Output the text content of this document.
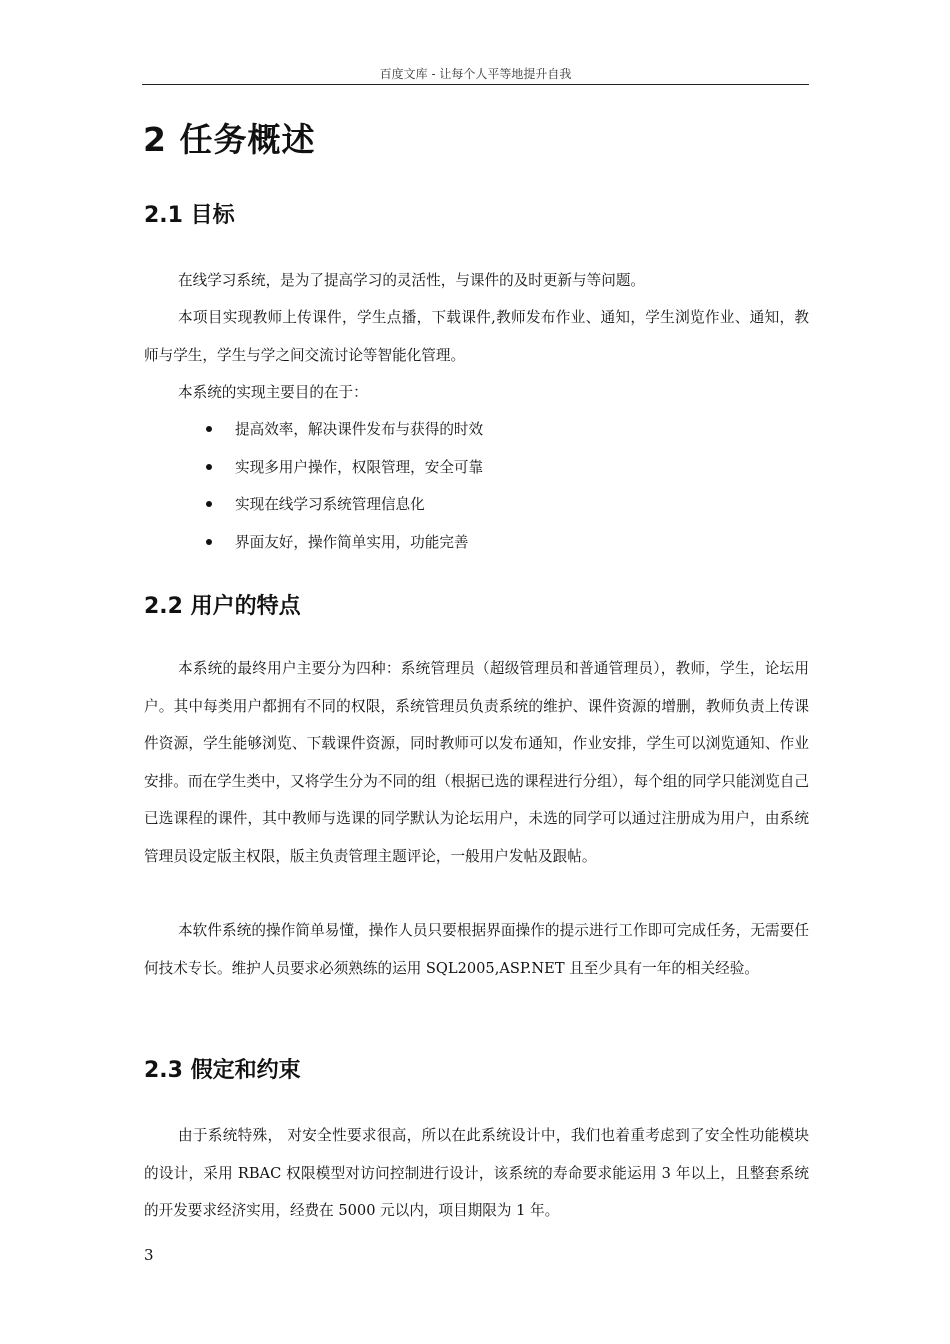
百度文库 - 让每个人平等地提升自我
2 任务概述
2.1 目标

在线学习系统，是为了提高学习的灵活性，与课件的及时更新与等问题。

本项目实现教师上传课件，学生点播，下载课件,教师发布作业、通知，学生浏览作业、通知，教师与学生，学生与学之间交流讨论等智能化管理。

本系统的实现主要目的在于：

提高效率，解决课件发布与获得的时效
实现多用户操作，权限管理，安全可靠
实现在线学习系统管理信息化
界面友好，操作简单实用，功能完善
2.2 用户的特点

本系统的最终用户主要分为四种：系统管理员（超级管理员和普通管理员），教师，学生，论坛用户。其中每类用户都拥有不同的权限，系统管理员负责系统的维护、课件资源的增删，教师负责上传课件资源，学生能够浏览、下载课件资源，同时教师可以发布通知，作业安排，学生可以浏览通知、作业安排。而在学生类中，又将学生分为不同的组（根据已选的课程进行分组），每个组的同学只能浏览自己已选课程的课件，其中教师与选课的同学默认为论坛用户，未选的同学可以通过注册成为用户，由系统管理员设定版主权限，版主负责管理主题评论，一般用户发帖及跟帖。

本软件系统的操作简单易懂，操作人员只要根据界面操作的提示进行工作即可完成任务，无需要任何技术专长。维护人员要求必须熟练的运用 SQL2005,ASP.NET 且至少具有一年的相关经验。

2.3 假定和约束

由于系统特殊， 对安全性要求很高，所以在此系统设计中，我们也着重考虑到了安全性功能模块的设计，采用 RBAC 权限模型对访问控制进行设计，该系统的寿命要求能运用 3 年以上，且整套系统的开发要求经济实用，经费在 5000 元以内，项目期限为 1 年。

3
